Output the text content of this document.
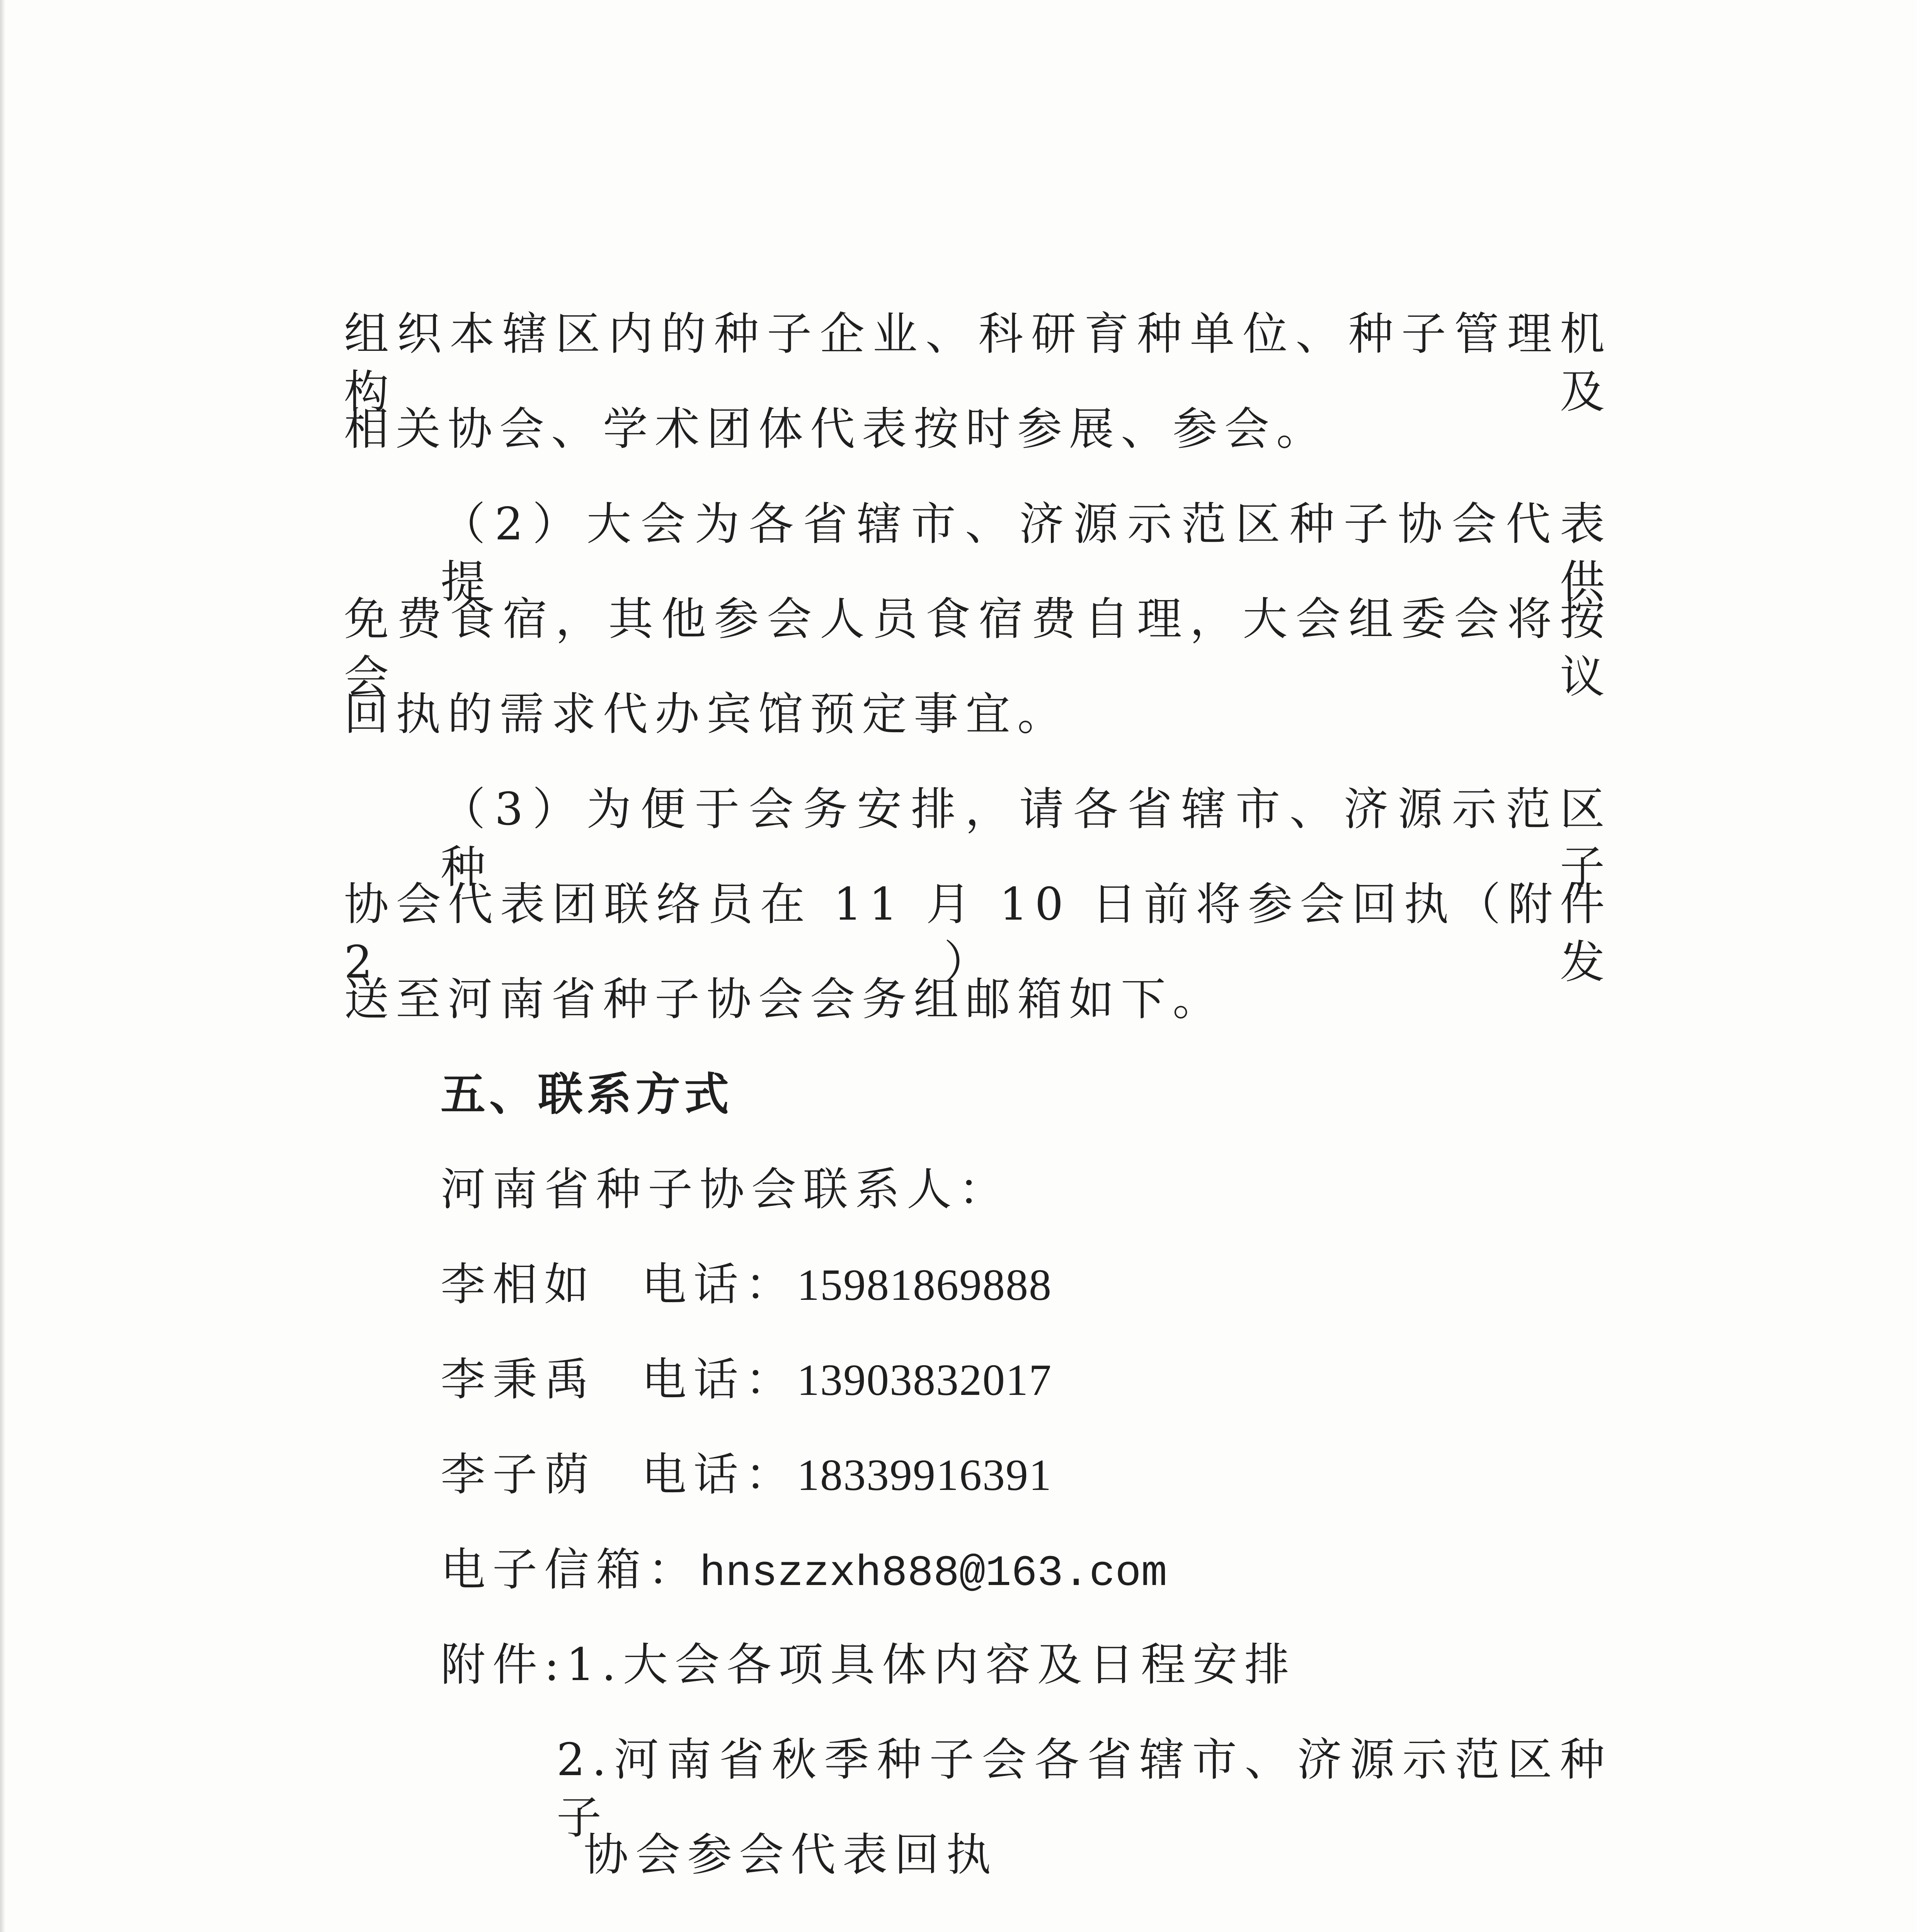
组织本辖区内的种子企业、科研育种单位、种子管理机构及
相关协会、学术团体代表按时参展、参会。
（2）大会为各省辖市、济源示范区种子协会代表提供
免费食宿，其他参会人员食宿费自理，大会组委会将按会议
回执的需求代办宾馆预定事宜。
（3）为便于会务安排，请各省辖市、济源示范区种子
协会代表团联络员在 11 月 10 日前将参会回执（附件 2）发
送至河南省种子协会会务组邮箱如下。
五、联系方式
河南省种子协会联系人：
李相如 电话：15981869888
李秉禹 电话：13903832017
李子荫 电话：18339916391
电子信箱：hnszzxh888@163.com
附件:1.大会各项具体内容及日程安排
2.河南省秋季种子会各省辖市、济源示范区种子
协会参会代表回执
